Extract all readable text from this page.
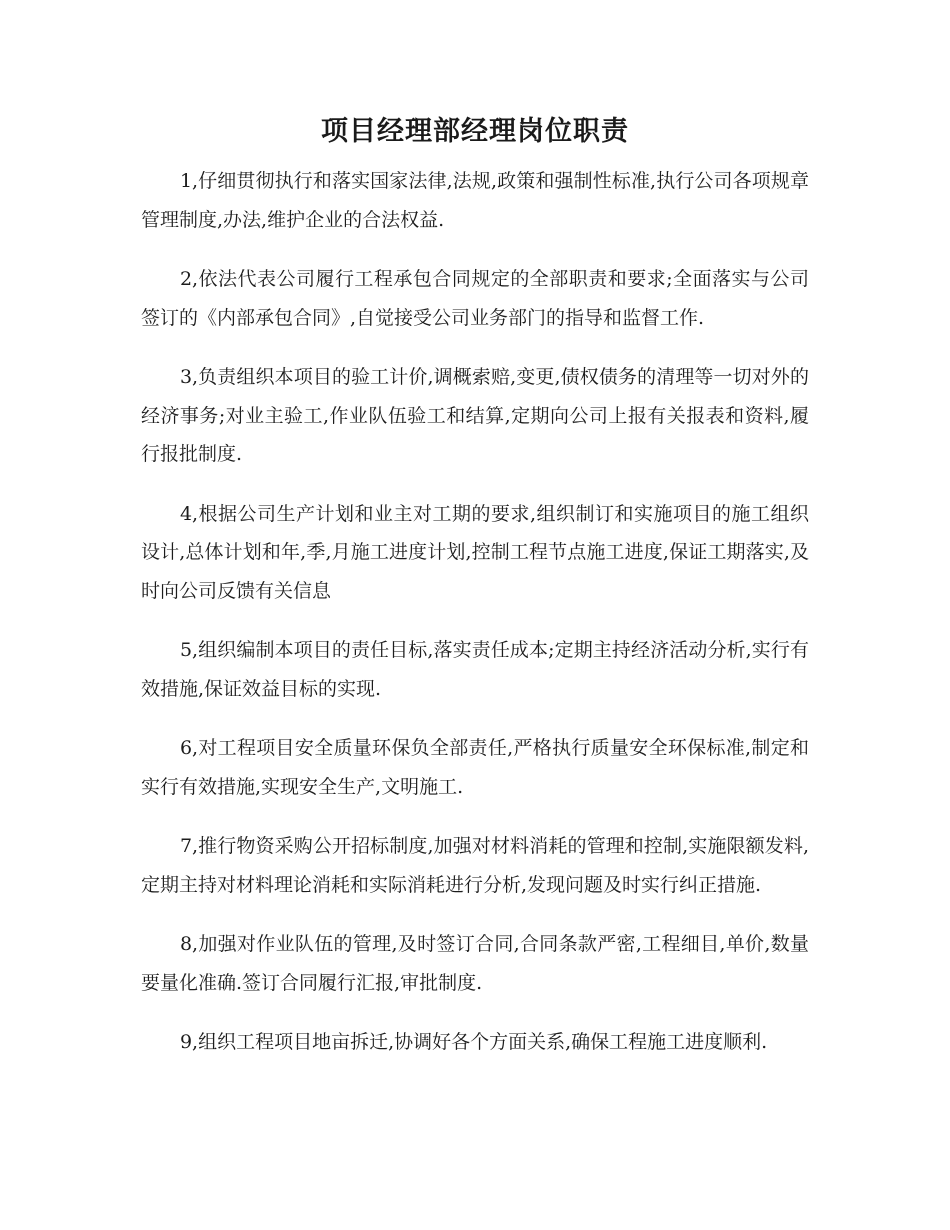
项目经理部经理岗位职责

1,仔细贯彻执行和落实国家法律,法规,政策和强制性标准,执行公司各项规章管理制度,办法,维护企业的合法权益.

2,依法代表公司履行工程承包合同规定的全部职责和要求;全面落实与公司签订的《内部承包合同》,自觉接受公司业务部门的指导和监督工作.

3,负责组织本项目的验工计价,调概索赔,变更,债权债务的清理等一切对外的经济事务;对业主验工,作业队伍验工和结算,定期向公司上报有关报表和资料,履行报批制度.

4,根据公司生产计划和业主对工期的要求,组织制订和实施项目的施工组织设计,总体计划和年,季,月施工进度计划,控制工程节点施工进度,保证工期落实,及时向公司反馈有关信息

5,组织编制本项目的责任目标,落实责任成本;定期主持经济活动分析,实行有效措施,保证效益目标的实现.

6,对工程项目安全质量环保负全部责任,严格执行质量安全环保标准,制定和实行有效措施,实现安全生产,文明施工.

7,推行物资采购公开招标制度,加强对材料消耗的管理和控制,实施限额发料,定期主持对材料理论消耗和实际消耗进行分析,发现问题及时实行纠正措施.

8,加强对作业队伍的管理,及时签订合同,合同条款严密,工程细目,单价,数量要量化准确.签订合同履行汇报,审批制度.

9,组织工程项目地亩拆迁,协调好各个方面关系,确保工程施工进度顺利.
